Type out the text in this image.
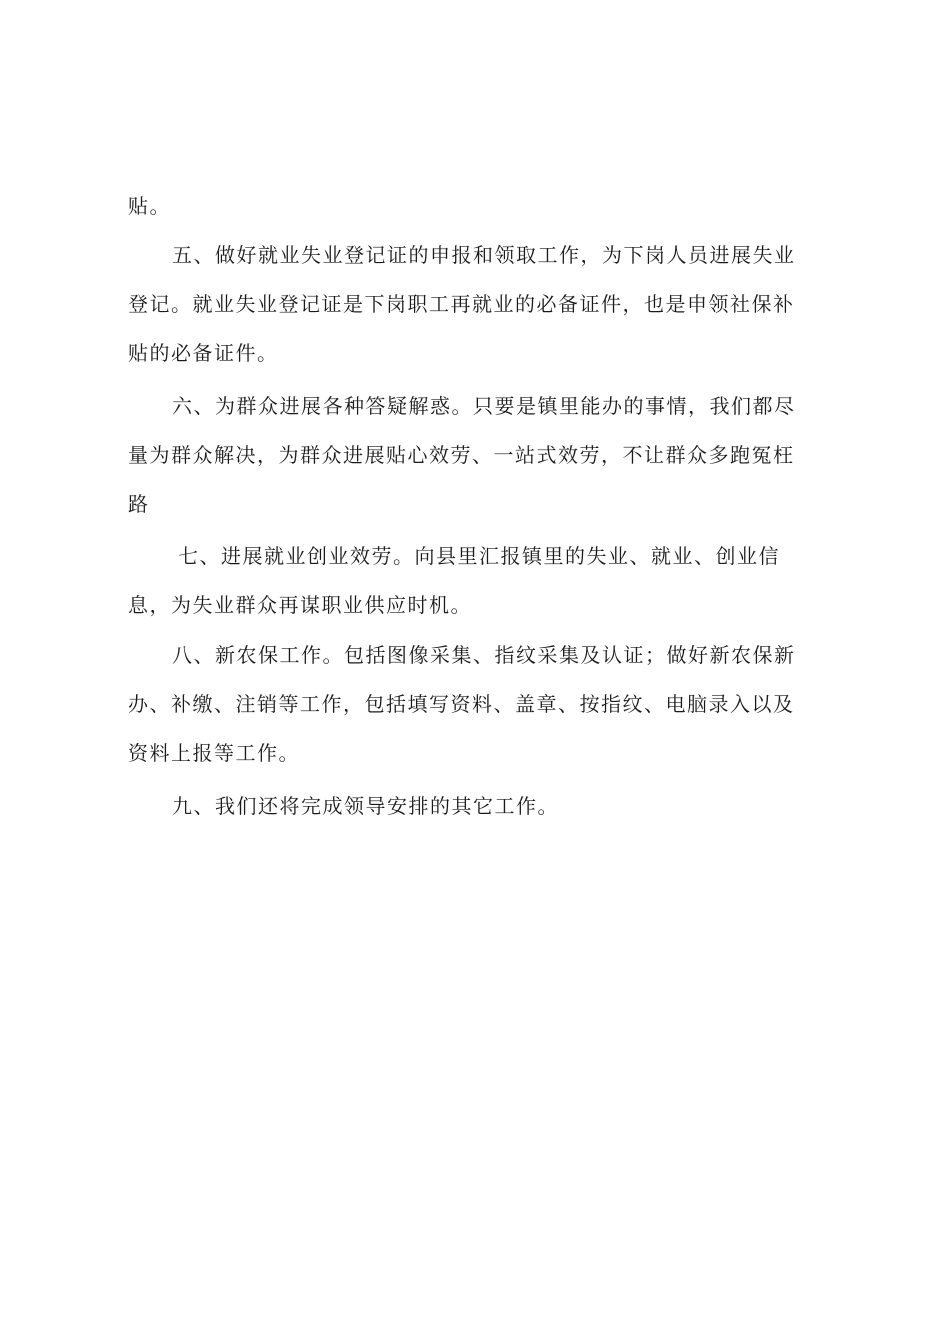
贴。
五、做好就业失业登记证的申报和领取工作，为下岗人员进展失业
登记。就业失业登记证是下岗职工再就业的必备证件，也是申领社保补
贴的必备证件。
六、为群众进展各种答疑解惑。只要是镇里能办的事情，我们都尽
量为群众解决，为群众进展贴心效劳、一站式效劳，不让群众多跑冤枉
路
七、进展就业创业效劳。向县里汇报镇里的失业、就业、创业信
息，为失业群众再谋职业供应时机。
八、新农保工作。包括图像采集、指纹采集及认证；做好新农保新
办、补缴、注销等工作，包括填写资料、盖章、按指纹、电脑录入以及
资料上报等工作。
九、我们还将完成领导安排的其它工作。
